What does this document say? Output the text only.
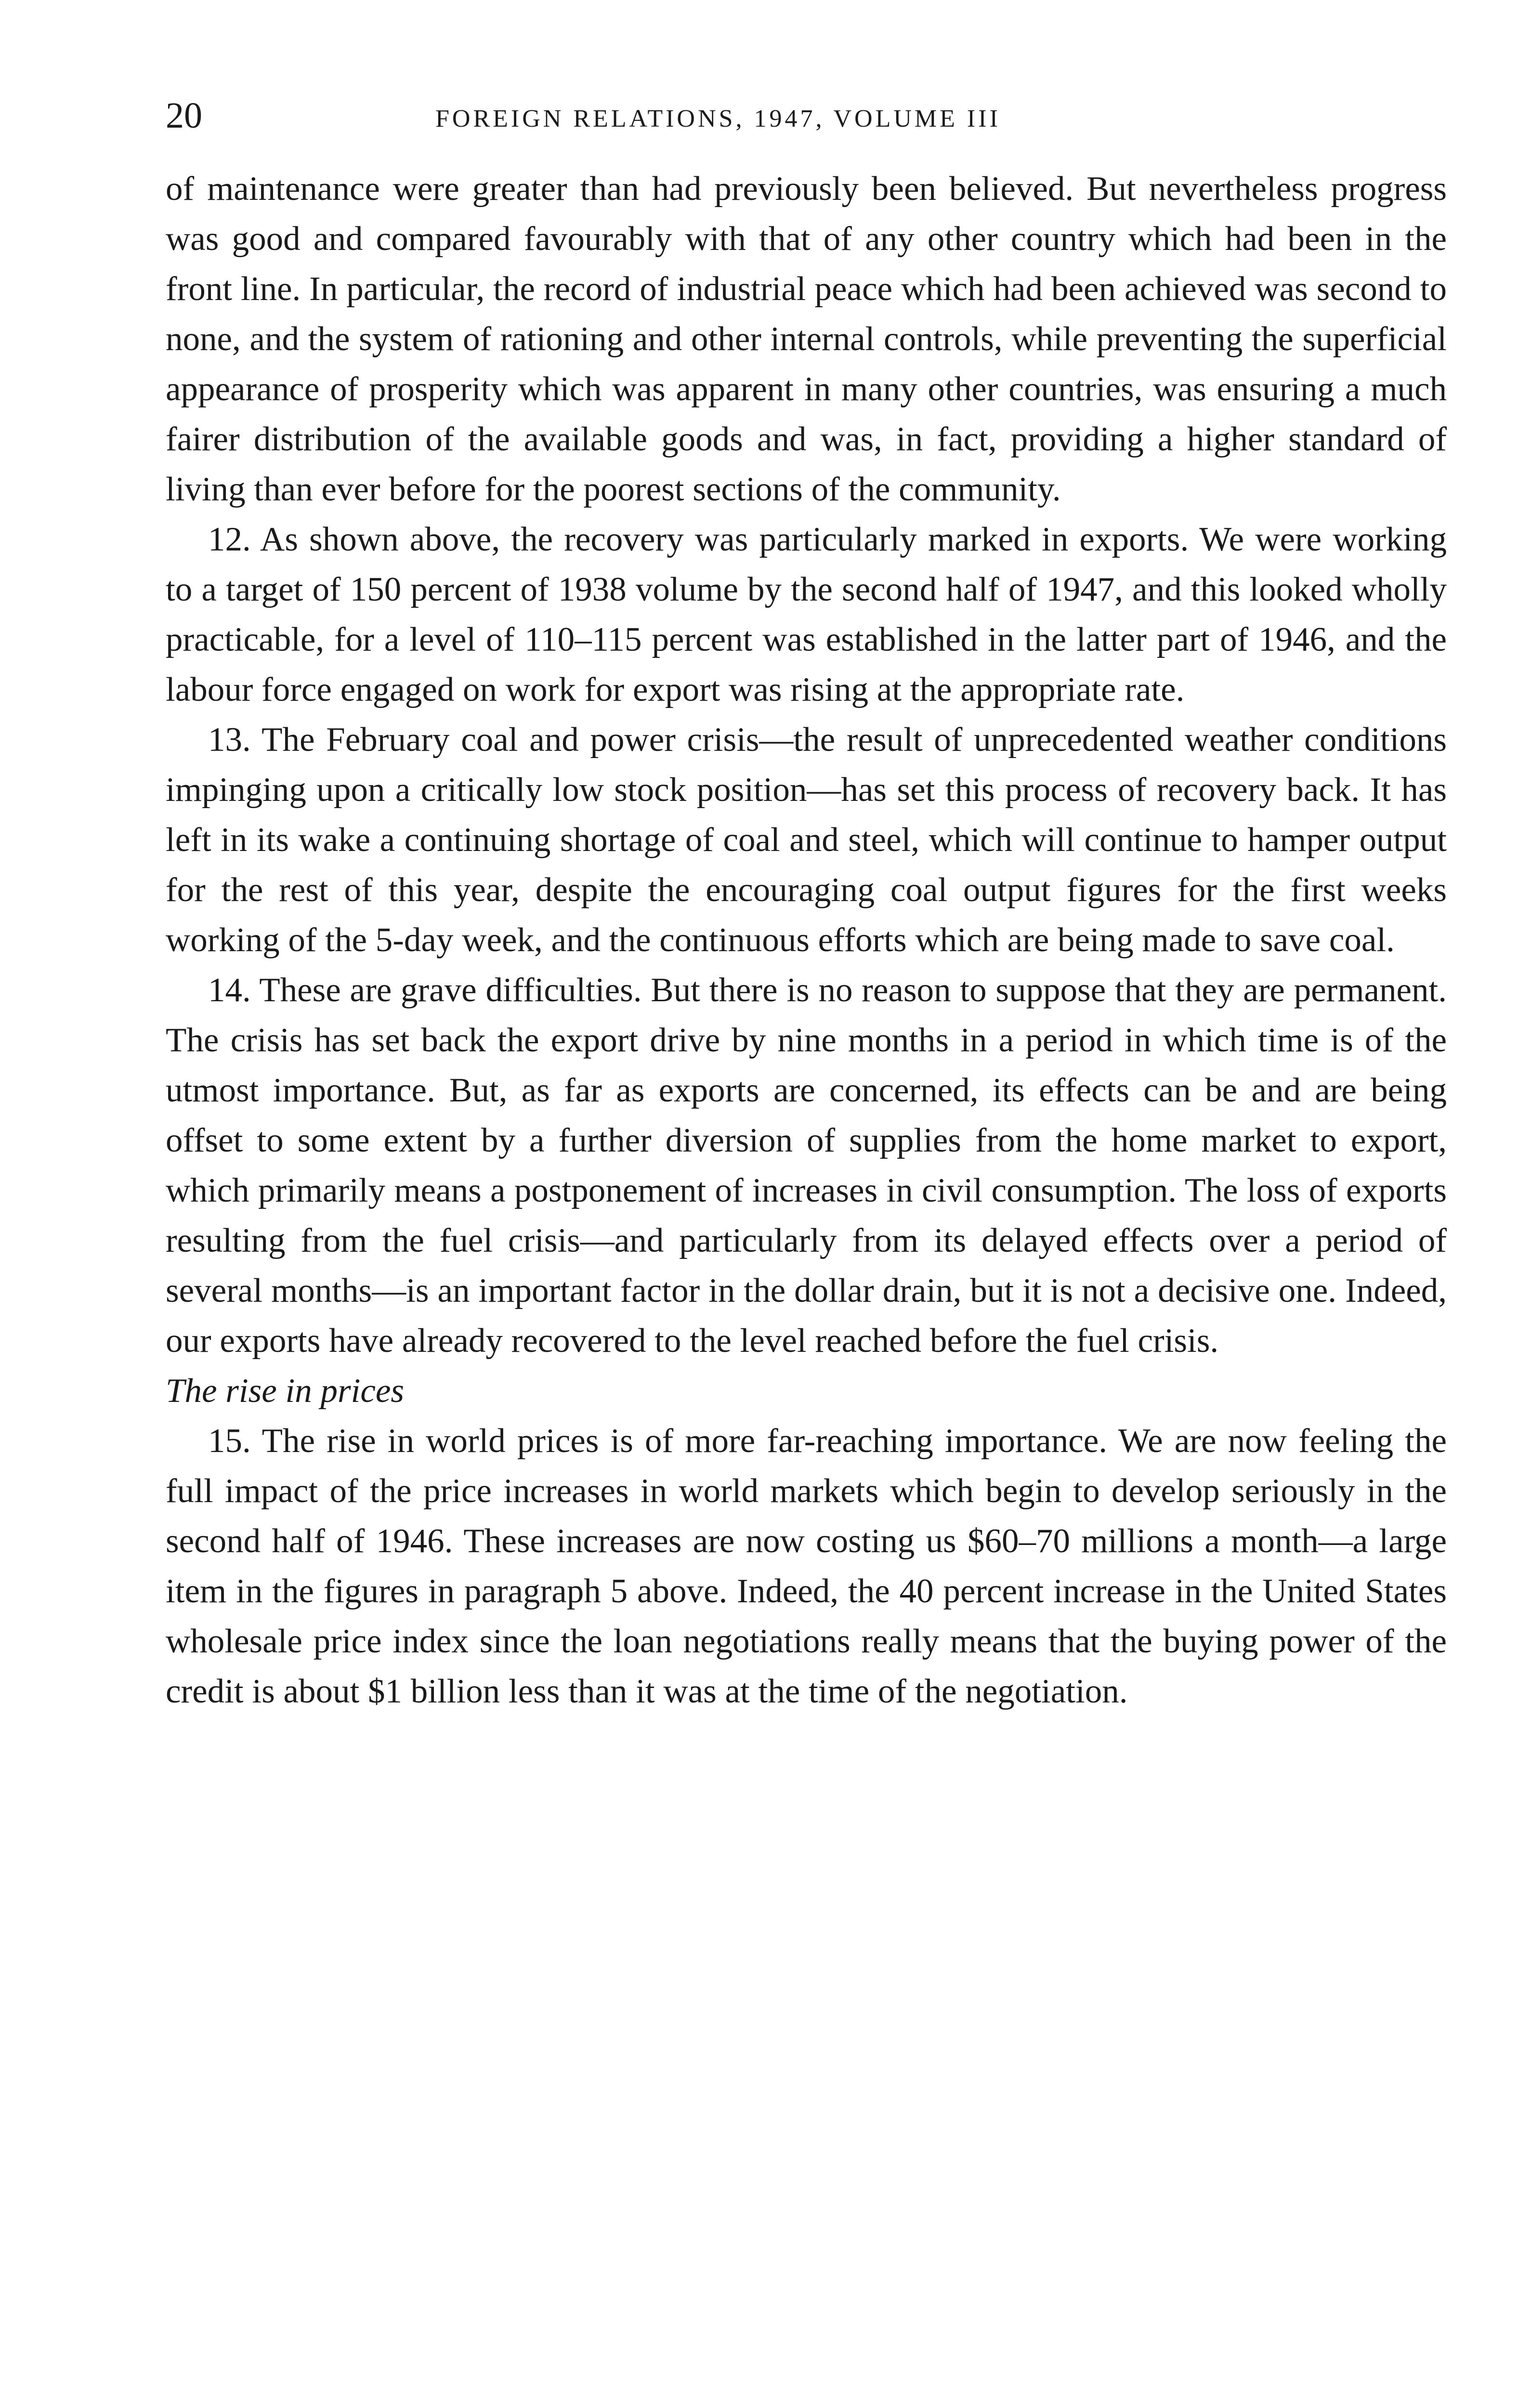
20	FOREIGN RELATIONS, 1947, VOLUME III

of maintenance were greater than had previously been believed. But nevertheless progress was good and compared favourably with that of any other country which had been in the front line. In particular, the record of industrial peace which had been achieved was second to none, and the system of rationing and other internal controls, while preventing the superficial appearance of prosperity which was apparent in many other countries, was ensuring a much fairer distribution of the available goods and was, in fact, providing a higher standard of living than ever before for the poorest sections of the community.

12. As shown above, the recovery was particularly marked in exports. We were working to a target of 150 percent of 1938 volume by the second half of 1947, and this looked wholly practicable, for a level of 110–115 percent was established in the latter part of 1946, and the labour force engaged on work for export was rising at the appropriate rate.

13. The February coal and power crisis—the result of unprecedented weather conditions impinging upon a critically low stock position—has set this process of recovery back. It has left in its wake a continuing shortage of coal and steel, which will continue to hamper output for the rest of this year, despite the encouraging coal output figures for the first weeks working of the 5-day week, and the continuous efforts which are being made to save coal.

14. These are grave difficulties. But there is no reason to suppose that they are permanent. The crisis has set back the export drive by nine months in a period in which time is of the utmost importance. But, as far as exports are concerned, its effects can be and are being offset to some extent by a further diversion of supplies from the home market to export, which primarily means a postponement of increases in civil consumption. The loss of exports resulting from the fuel crisis—and particularly from its delayed effects over a period of several months—is an important factor in the dollar drain, but it is not a decisive one. Indeed, our exports have already recovered to the level reached before the fuel crisis.

The rise in prices

15. The rise in world prices is of more far-reaching importance. We are now feeling the full impact of the price increases in world markets which begin to develop seriously in the second half of 1946. These increases are now costing us $60–70 millions a month—a large item in the figures in paragraph 5 above. Indeed, the 40 percent increase in the United States wholesale price index since the loan negotiations really means that the buying power of the credit is about $1 billion less than it was at the time of the negotiation.
